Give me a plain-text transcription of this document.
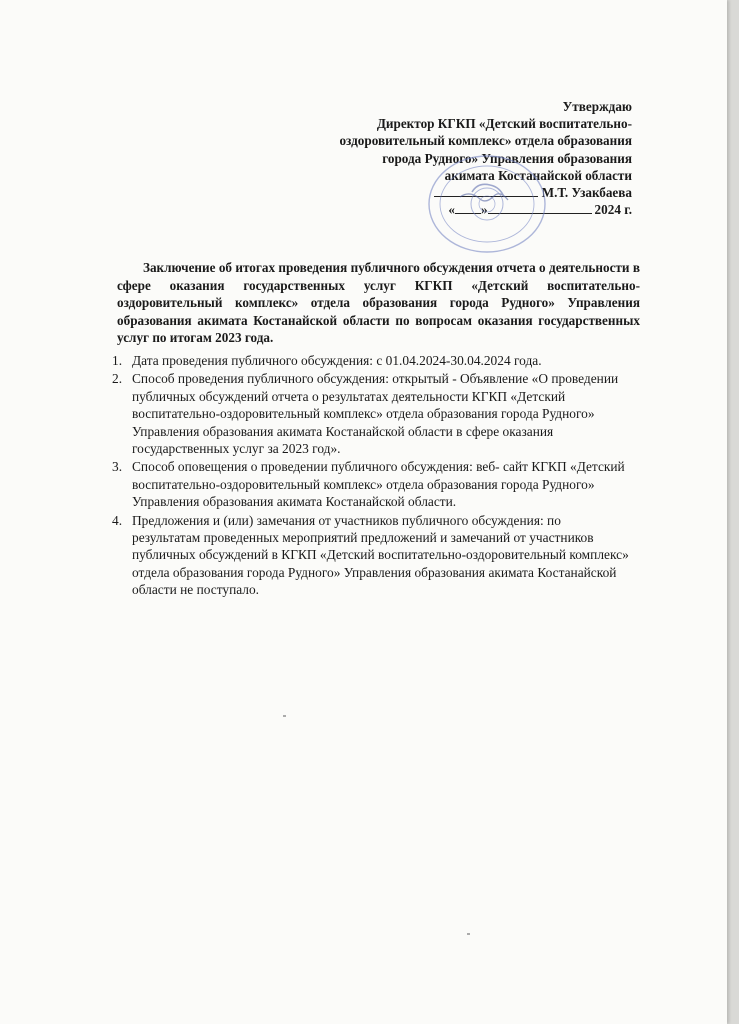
Утверждаю
Директор КГКП «Детский воспитательно-
оздоровительный комплекс» отдела образования
города Рудного» Управления образования
акимата Костанайской области
М.Т. Узакбаева
« »	2024 г.

Заключение об итогах проведения публичного обсуждения отчета о деятельности в сфере оказания государственных услуг КГКП «Детский воспитательно-оздоровительный комплекс» отдела образования города Рудного» Управления образования акимата Костанайской области по вопросам оказания государственных услуг по итогам 2023 года.

1. Дата проведения публичного обсуждения: с 01.04.2024-30.04.2024 года.
2. Способ проведения публичного обсуждения: открытый - Объявление «О проведении публичных обсуждений отчета о результатах деятельности КГКП «Детский воспитательно-оздоровительный комплекс» отдела образования города Рудного» Управления образования акимата Костанайской области в сфере оказания государственных услуг за 2023 год».
3. Способ оповещения о проведении публичного обсуждения: веб- сайт КГКП «Детский воспитательно-оздоровительный комплекс» отдела образования города Рудного» Управления образования акимата Костанайской области.
4. Предложения и (или) замечания от участников публичного обсуждения: по результатам проведенных мероприятий предложений и замечаний от участников публичных обсуждений в КГКП «Детский воспитательно-оздоровительный комплекс» отдела образования города Рудного» Управления образования акимата Костанайской области не поступало.
